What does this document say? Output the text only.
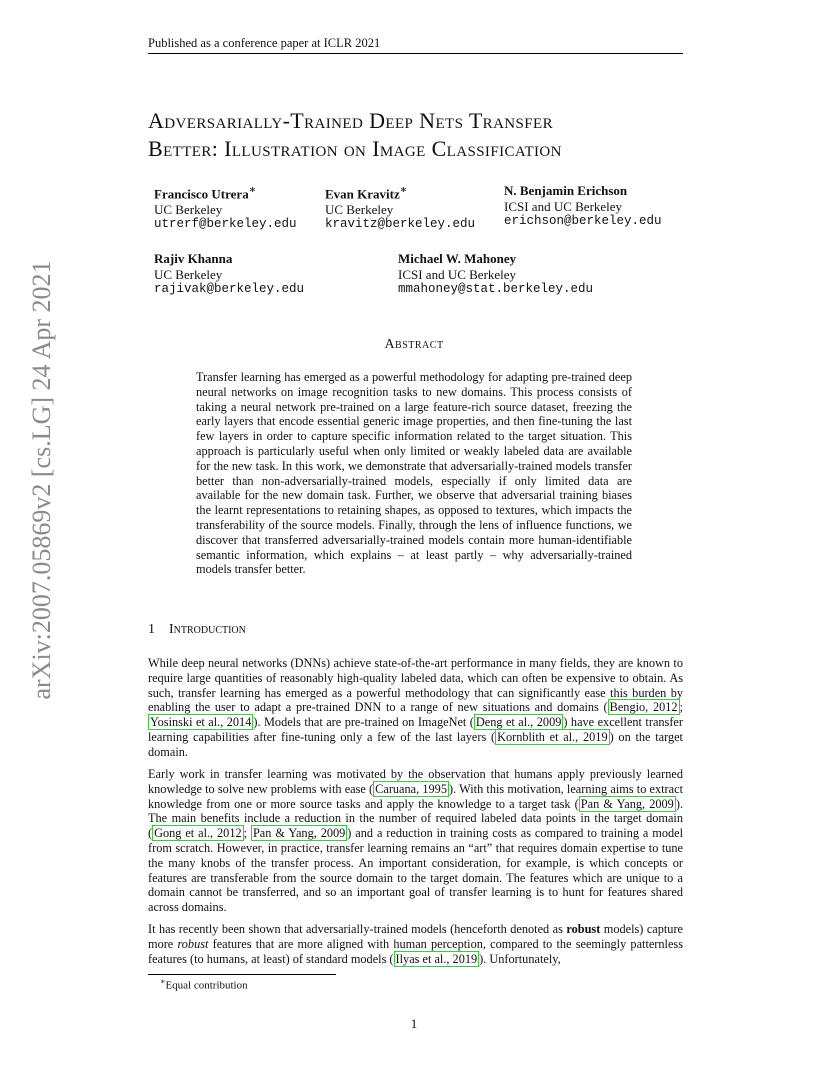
Published as a conference paper at ICLR 2021
Adversarially-Trained Deep Nets Transfer
Better: Illustration on Image Classification
Francisco Utrera∗
UC Berkeley
utrerf@berkeley.edu
Evan Kravitz∗
UC Berkeley
kravitz@berkeley.edu
N. Benjamin Erichson
ICSI and UC Berkeley
erichson@berkeley.edu
Rajiv Khanna
UC Berkeley
rajivak@berkeley.edu
Michael W. Mahoney
ICSI and UC Berkeley
mmahoney@stat.berkeley.edu
arXiv:2007.05869v2 [cs.LG] 24 Apr 2021	Abstract
Transfer learning has emerged as a powerful methodology for adapting pre-trained deep neural networks on image recognition tasks to new domains. This process consists of taking a neural network pre-trained on a large feature-rich source dataset, freezing the early layers that encode essential generic image properties, and then fine-tuning the last few layers in order to capture specific information related to the target situation. This approach is particularly useful when only limited or weakly labeled data are available for the new task. In this work, we demonstrate that adversarially-trained models transfer better than non-adversarially-trained models, especially if only limited data are available for the new domain task. Further, we observe that adversarial training biases the learnt representations to retaining shapes, as opposed to textures, which impacts the transferability of the source models. Finally, through the lens of influence functions, we discover that transferred adversarially-trained models contain more human-identifiable semantic information, which explains – at least partly – why adversarially-trained models transfer better.
1 Introduction
While deep neural networks (DNNs) achieve state-of-the-art performance in many fields, they are known to require large quantities of reasonably high-quality labeled data, which can often be expensive to obtain. As such, transfer learning has emerged as a powerful methodology that can significantly ease this burden by enabling the user to adapt a pre-trained DNN to a range of new situations and domains ( Bengio, 2012 ; Yosinski et al., 2014 ). Models that are pre-trained on ImageNet ( Deng et al., 2009 ) have excellent transfer learning capabilities after fine-tuning only a few of the last layers ( Kornblith et al., 2019 ) on the target domain.
Early work in transfer learning was motivated by the observation that humans apply previously learned knowledge to solve new problems with ease ( Caruana, 1995 ). With this motivation, learning aims to extract knowledge from one or more source tasks and apply the knowledge to a target task ( Pan & Yang, 2009 ). The main benefits include a reduction in the number of required labeled data points in the target domain ( Gong et al., 2012 ; Pan & Yang, 2009 ) and a reduction in training costs as compared to training a model from scratch. However, in practice, transfer learning remains an “art” that requires domain expertise to tune the many knobs of the transfer process. An important consideration, for example, is which concepts or features are transferable from the source domain to the target domain. The features which are unique to a domain cannot be transferred, and so an important goal of transfer learning is to hunt for features shared across domains.
It has recently been shown that adversarially-trained models (henceforth denoted as robust models) capture more robust features that are more aligned with human perception, compared to the seemingly patternless features (to humans, at least) of standard models ( Ilyas et al., 2019 ). Unfortunately,
∗Equal contribution
1
